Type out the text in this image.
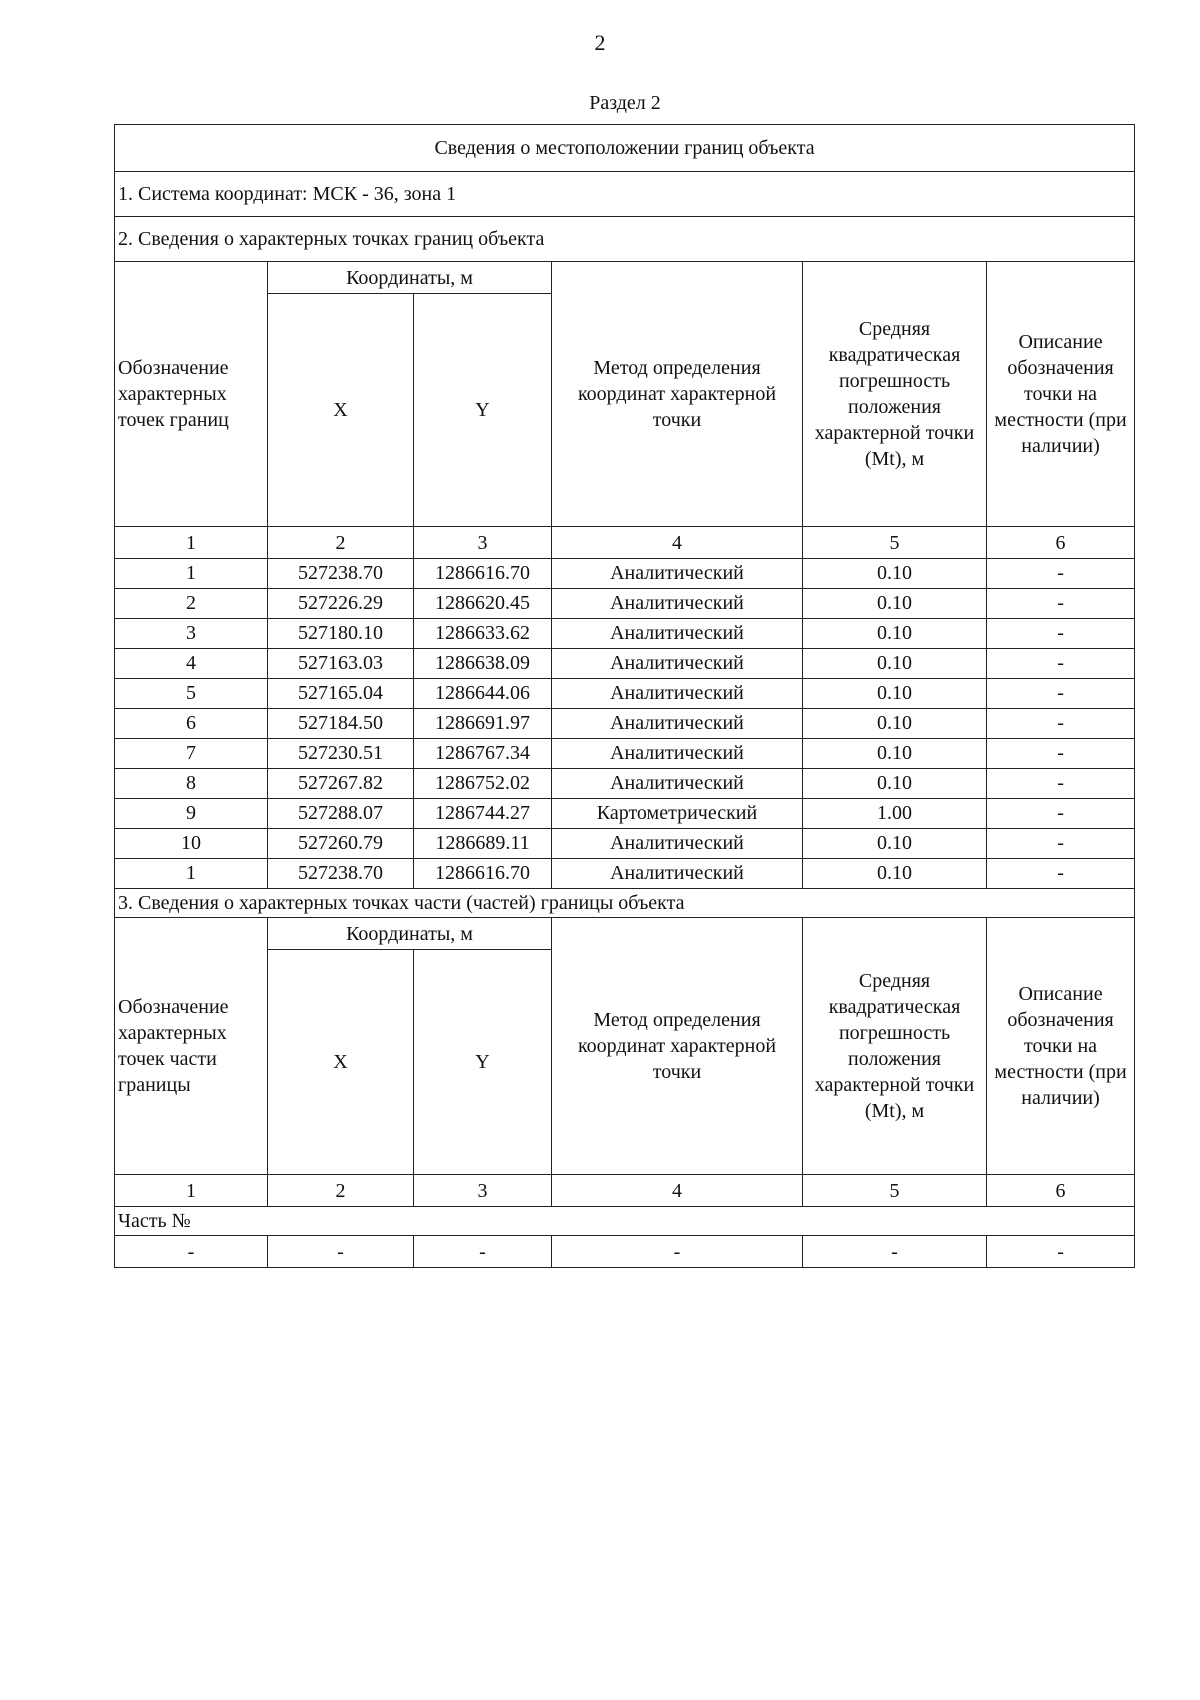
2
Раздел 2
Сведения о местоположении границ объекта					
1. Система координат: МСК - 36, зона 1					
2. Сведения о характерных точках границ объекта					
Обозначение характерных точек границ	Координаты, м		Метод определения координат характерной точки	Средняя квадратическая погрешность положения характерной точки (Mt), м	Описание обозначения точки на местности (при наличии)
	X	Y			
1	2	3	4	5	6
1	527238.70	1286616.70	Аналитический	0.10	-
2	527226.29	1286620.45	Аналитический	0.10	-
3	527180.10	1286633.62	Аналитический	0.10	-
4	527163.03	1286638.09	Аналитический	0.10	-
5	527165.04	1286644.06	Аналитический	0.10	-
6	527184.50	1286691.97	Аналитический	0.10	-
7	527230.51	1286767.34	Аналитический	0.10	-
8	527267.82	1286752.02	Аналитический	0.10	-
9	527288.07	1286744.27	Картометрический	1.00	-
10	527260.79	1286689.11	Аналитический	0.10	-
1	527238.70	1286616.70	Аналитический	0.10	-
3. Сведения о характерных точках части (частей) границы объекта					
Обозначение характерных точек части границы	Координаты, м		Метод определения координат характерной точки	Средняя квадратическая погрешность положения характерной точки (Mt), м	Описание обозначения точки на местности (при наличии)
	X	Y			
1	2	3	4	5	6
Часть №					
-	-	-	-	-	-
